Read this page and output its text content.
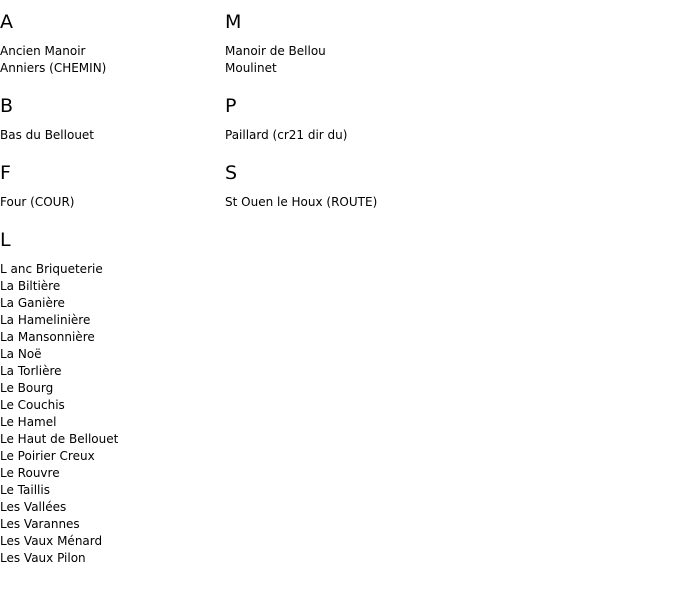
A
Ancien Manoir
Anniers (CHEMIN)
B
Bas du Bellouet
F
Four (COUR)
L
L anc Briqueterie
La Biltière
La Ganière
La Hamelinière
La Mansonnière
La Noë
La Torlière
Le Bourg
Le Couchis
Le Hamel
Le Haut de Bellouet
Le Poirier Creux
Le Rouvre
Le Taillis
Les Vallées
Les Varannes
Les Vaux Ménard
Les Vaux Pilon
M
Manoir de Bellou
Moulinet
P
Paillard (cr21 dir du)
S
St Ouen le Houx (ROUTE)
